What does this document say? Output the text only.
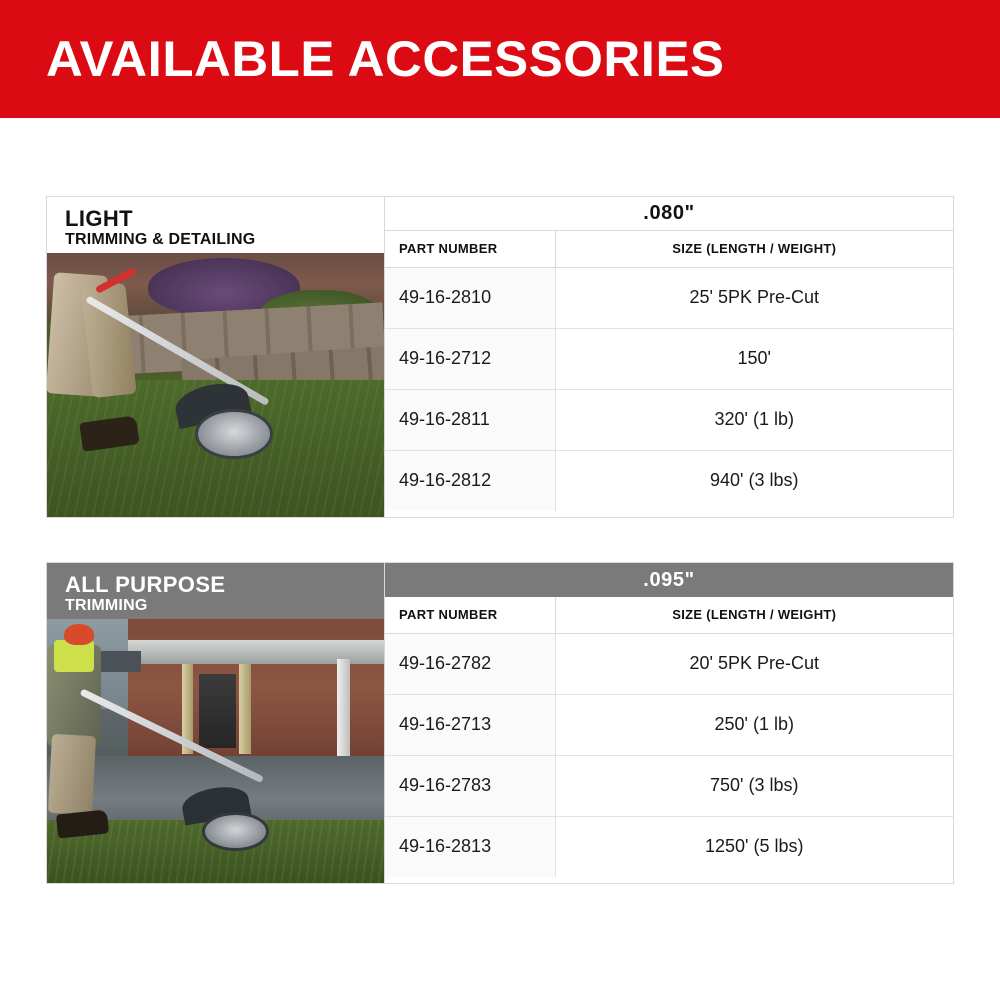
AVAILABLE ACCESSORIES
LIGHT
TRIMMING & DETAILING
.080"
PART NUMBER	SIZE (LENGTH / WEIGHT)
49-16-2810	25' 5PK Pre-Cut
49-16-2712	150'
49-16-2811	320' (1 lb)
49-16-2812	940' (3 lbs)
ALL PURPOSE
TRIMMING
.095"
PART NUMBER	SIZE (LENGTH / WEIGHT)
49-16-2782	20' 5PK Pre-Cut
49-16-2713	250' (1 lb)
49-16-2783	750' (3 lbs)
49-16-2813	1250' (5 lbs)
